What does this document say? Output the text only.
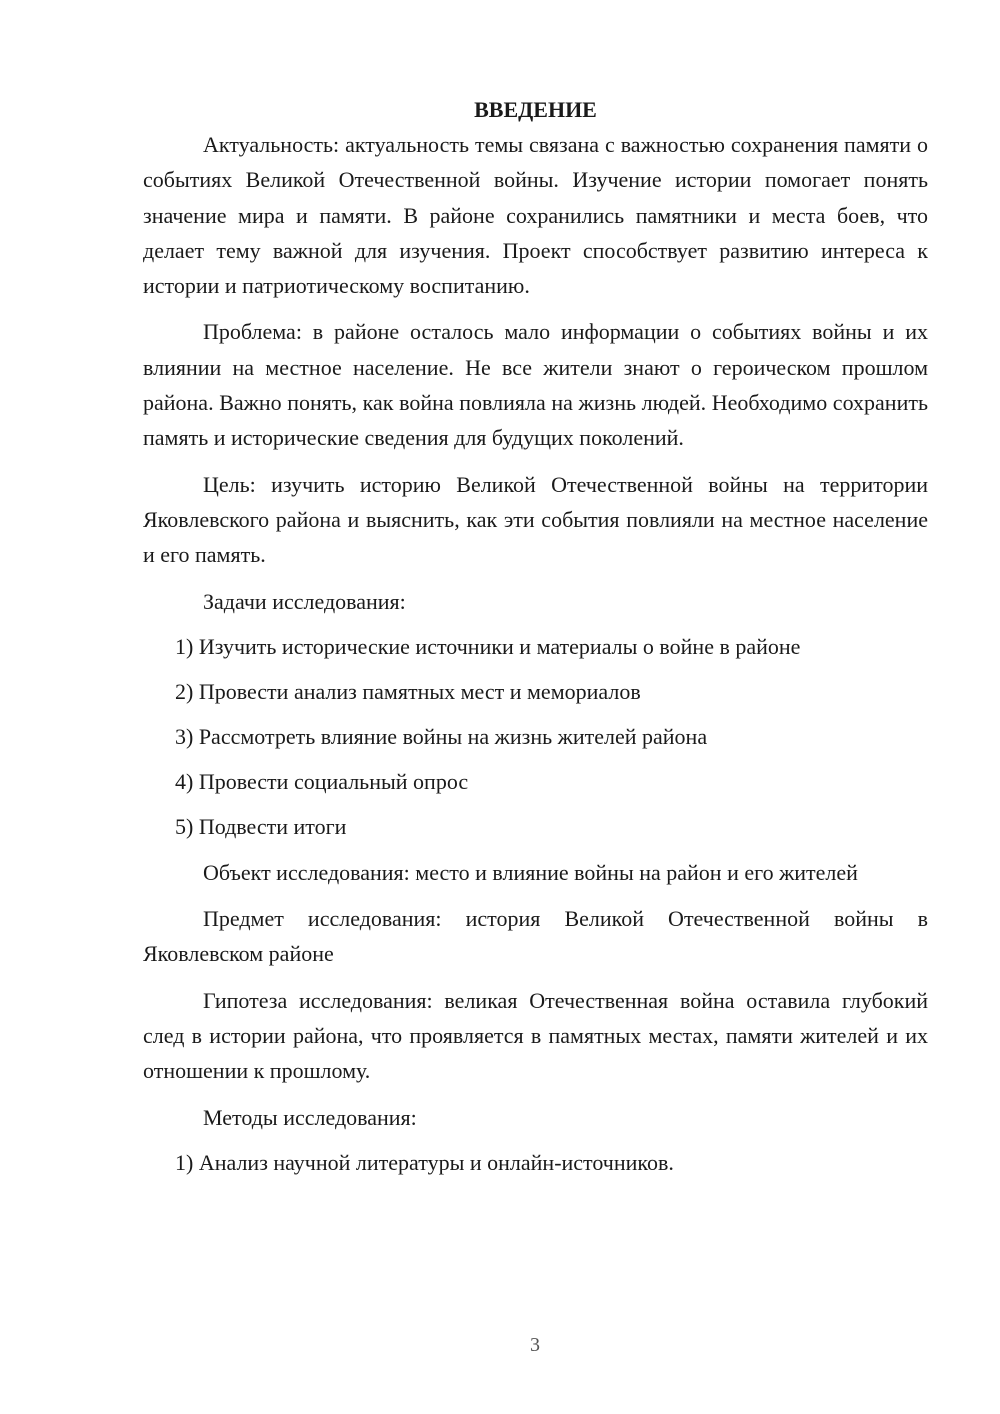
ВВЕДЕНИЕ

Актуальность: актуальность темы связана с важностью сохранения памяти о событиях Великой Отечественной войны. Изучение истории помогает понять значение мира и памяти. В районе сохранились памятники и места боев, что делает тему важной для изучения. Проект способствует развитию интереса к истории и патриотическому воспитанию.

Проблема: в районе осталось мало информации о событиях войны и их влиянии на местное население. Не все жители знают о героическом прошлом района. Важно понять, как война повлияла на жизнь людей. Необходимо сохранить память и исторические сведения для будущих поколений.

Цель: изучить историю Великой Отечественной войны на территории Яковлевского района и выяснить, как эти события повлияли на местное население и его память.

Задачи исследования:

1) Изучить исторические источники и материалы о войне в районе

2) Провести анализ памятных мест и мемориалов

3) Рассмотреть влияние войны на жизнь жителей района

4) Провести социальный опрос

5) Подвести итоги

Объект исследования: место и влияние войны на район и его жителей

Предмет исследования: история Великой Отечественной войны в Яковлевском районе

Гипотеза исследования: великая Отечественная война оставила глубокий след в истории района, что проявляется в памятных местах, памяти жителей и их отношении к прошлому.

Методы исследования:

1) Анализ научной литературы и онлайн-источников.

3
